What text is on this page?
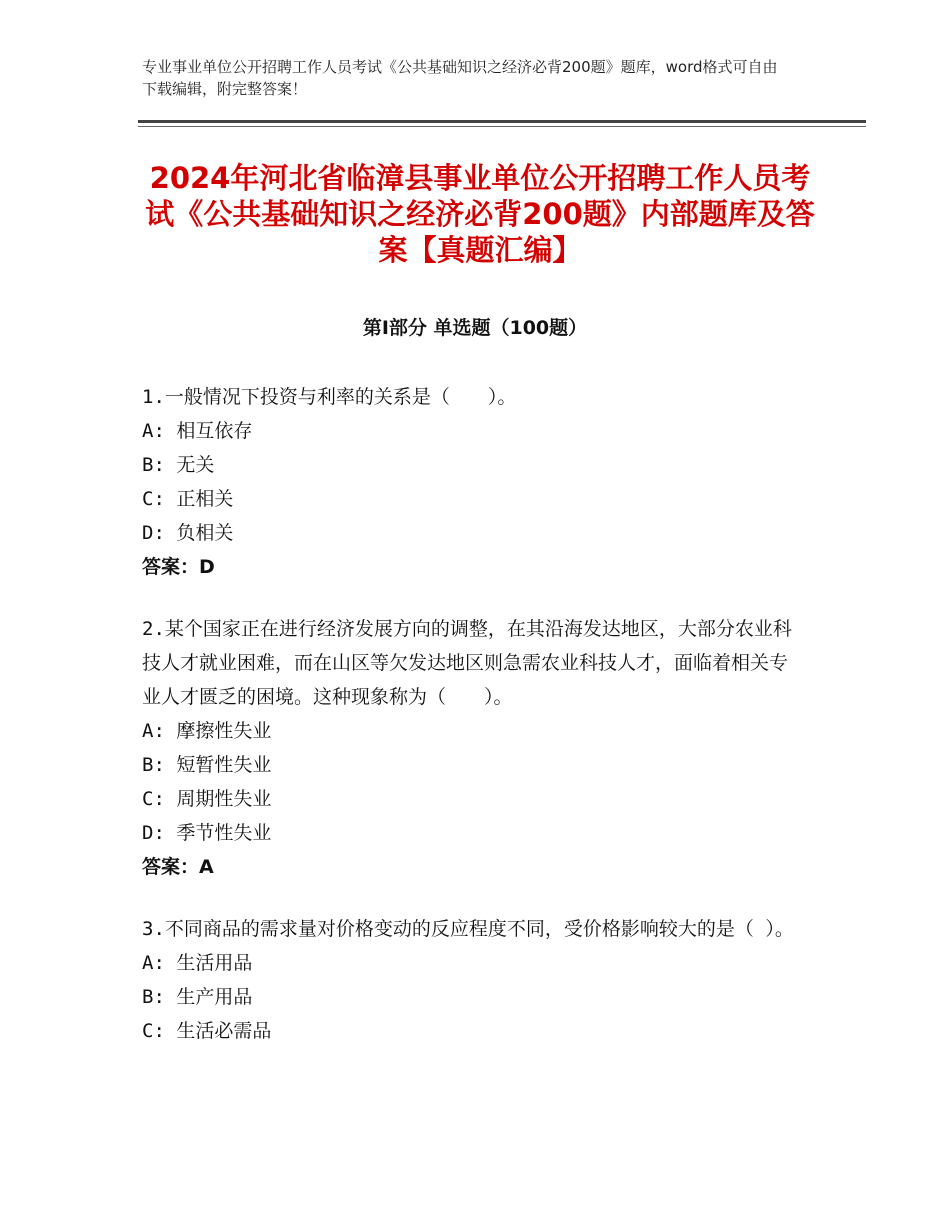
专业事业单位公开招聘工作人员考试《公共基础知识之经济必背200题》题库，word格式可自由下载编辑，附完整答案！
2024年河北省临漳县事业单位公开招聘工作人员考试《公共基础知识之经济必背200题》内部题库及答案【真题汇编】
第Ⅰ部分 单选题（100题）

1.一般情况下投资与利率的关系是（　　）。

A: 相互依存

B: 无关

C: 正相关

D: 负相关

答案：D

2.某个国家正在进行经济发展方向的调整，在其沿海发达地区，大部分农业科技人才就业困难，而在山区等欠发达地区则急需农业科技人才，面临着相关专业人才匮乏的困境。这种现象称为（　　）。

A: 摩擦性失业

B: 短暂性失业

C: 周期性失业

D: 季节性失业

答案：A

3.不同商品的需求量对价格变动的反应程度不同，受价格影响较大的是（ ）。

A: 生活用品

B: 生产用品

C: 生活必需品
